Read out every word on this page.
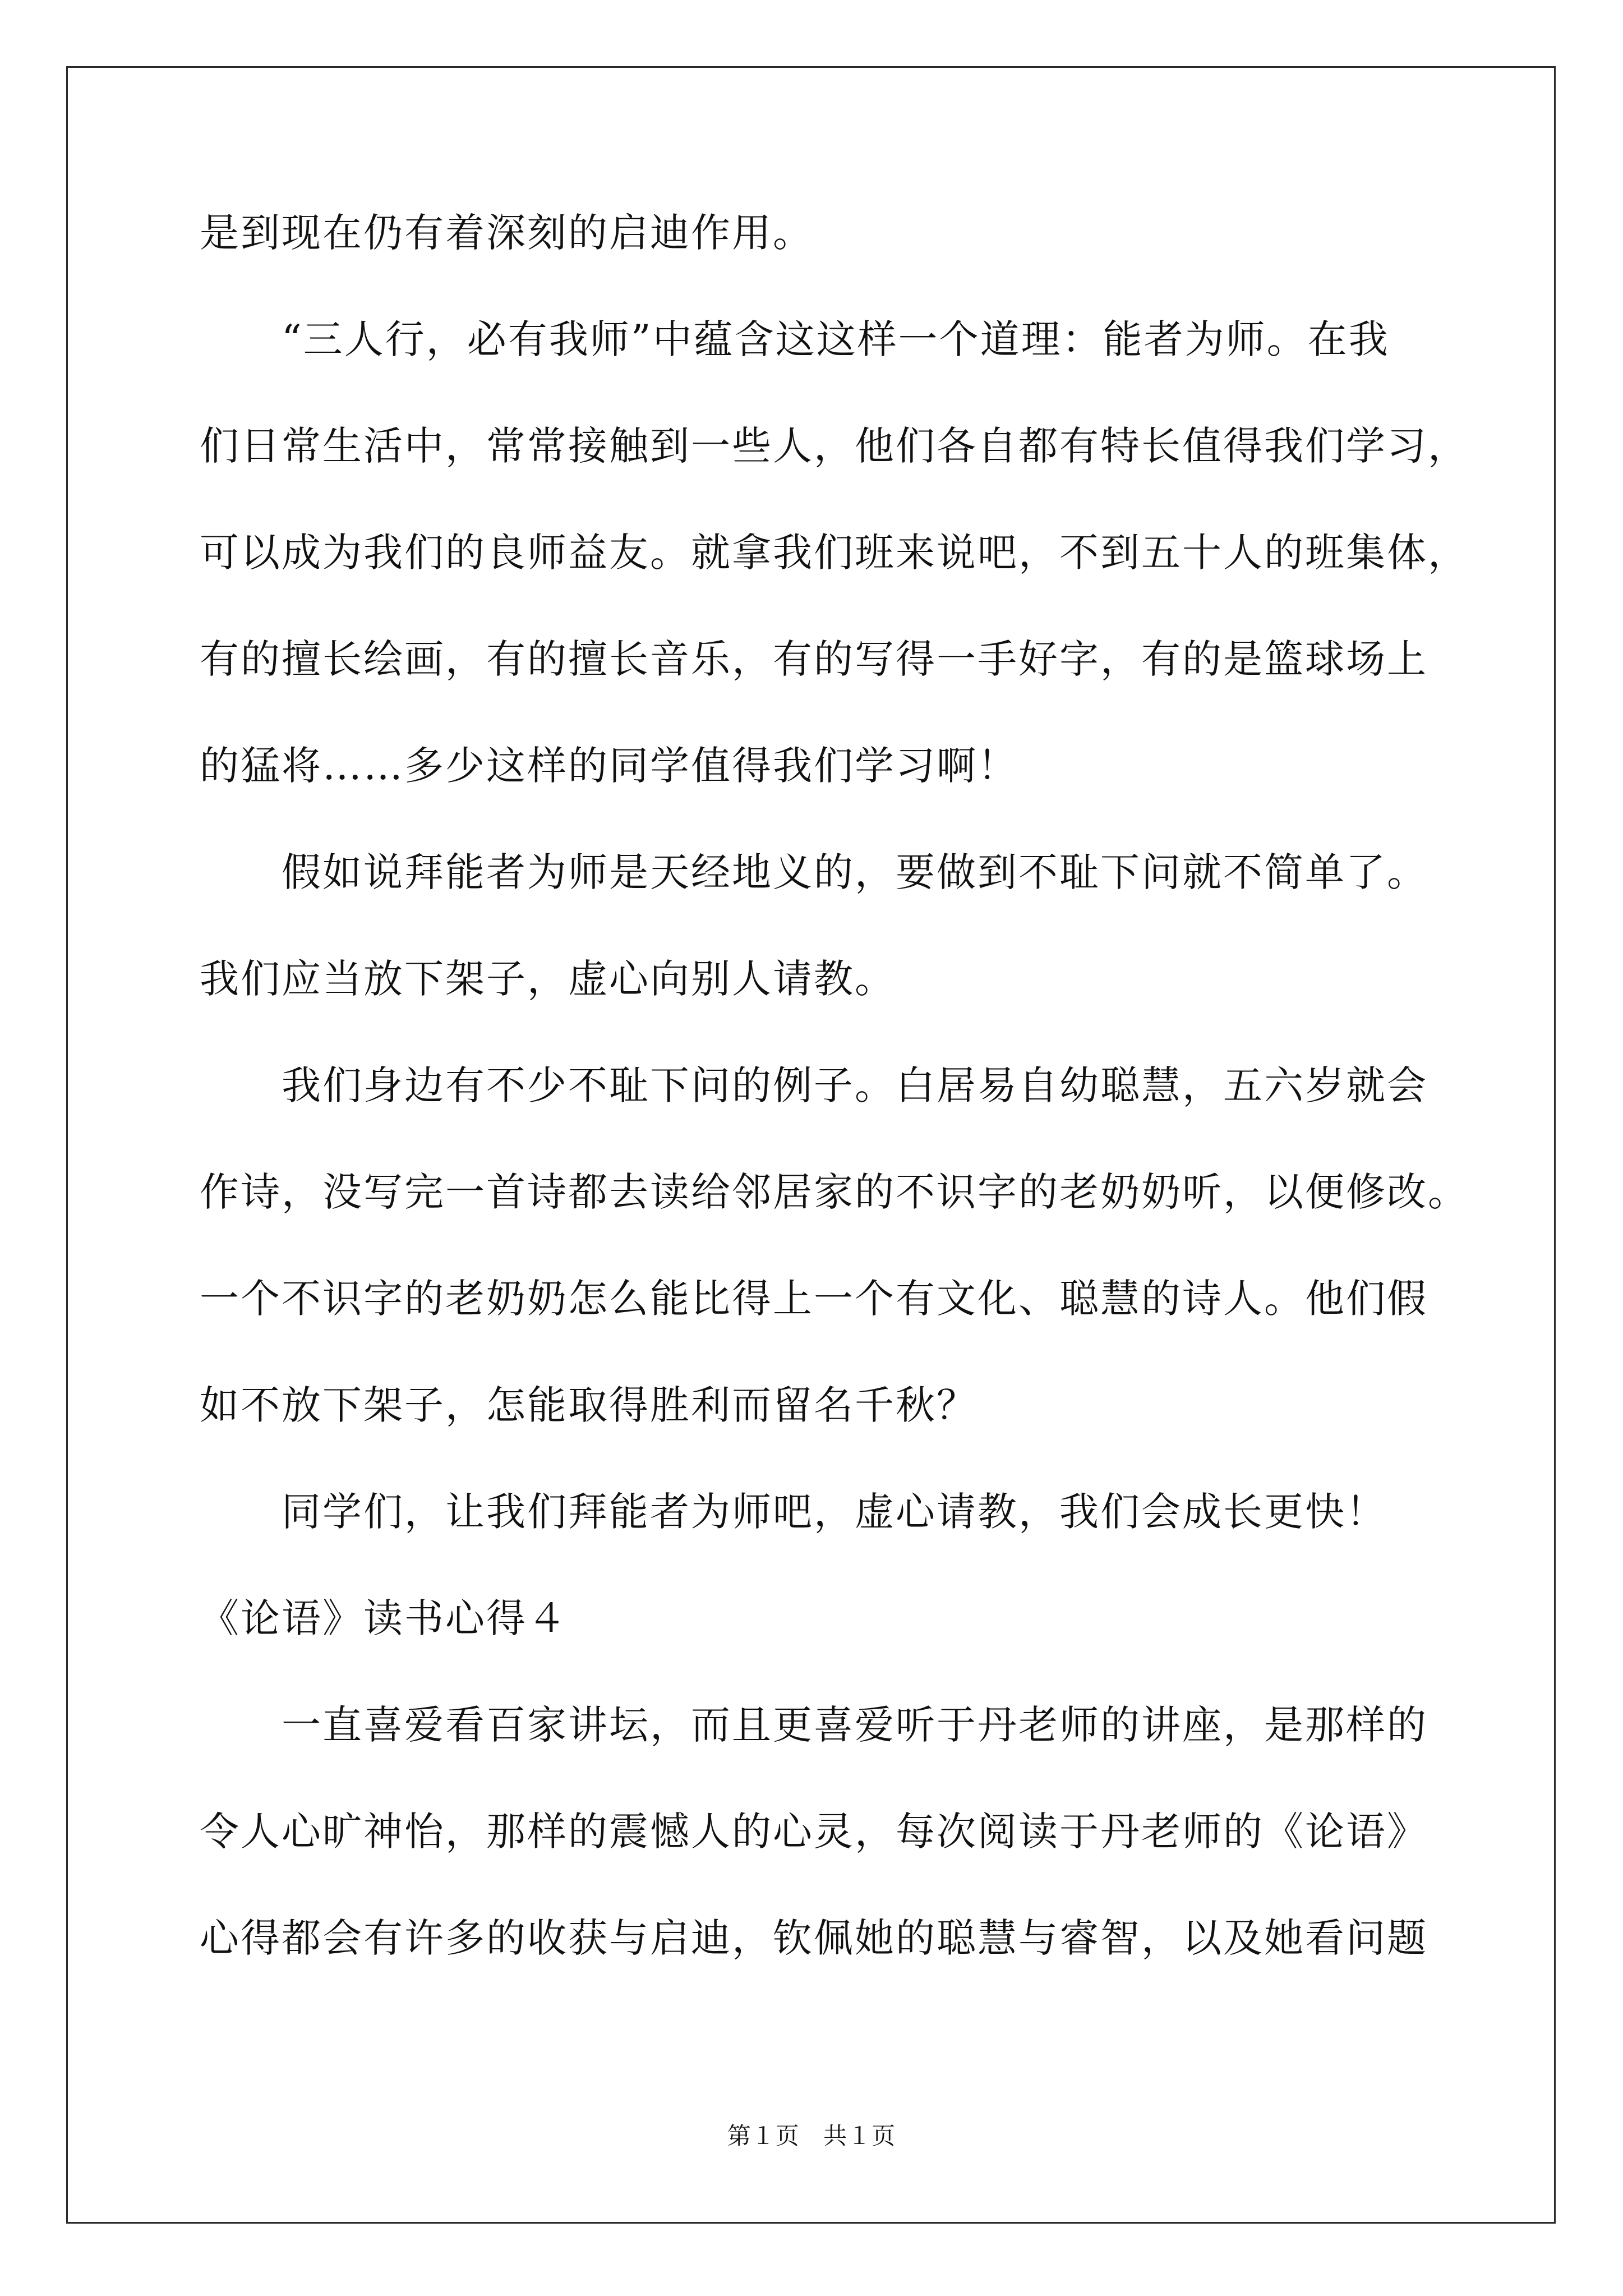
是到现在仍有着深刻的启迪作用。
　　“三人行，必有我师”中蕴含这这样一个道理：能者为师。在我
们日常生活中，常常接触到一些人，他们各自都有特长值得我们学习，
可以成为我们的良师益友。就拿我们班来说吧，不到五十人的班集体，
有的擅长绘画，有的擅长音乐，有的写得一手好字，有的是篮球场上
的猛将……多少这样的同学值得我们学习啊！
　　假如说拜能者为师是天经地义的，要做到不耻下问就不简单了。
我们应当放下架子，虚心向别人请教。
　　我们身边有不少不耻下问的例子。白居易自幼聪慧，五六岁就会
作诗，没写完一首诗都去读给邻居家的不识字的老奶奶听，以便修改。
一个不识字的老奶奶怎么能比得上一个有文化、聪慧的诗人。他们假
如不放下架子，怎能取得胜利而留名千秋？
　　同学们，让我们拜能者为师吧，虚心请教，我们会成长更快！
《论语》读书心得４
　　一直喜爱看百家讲坛，而且更喜爱听于丹老师的讲座，是那样的
令人心旷神怡，那样的震憾人的心灵，每次阅读于丹老师的《论语》
心得都会有许多的收获与启迪，钦佩她的聪慧与睿智，以及她看问题
第１页 共１页
